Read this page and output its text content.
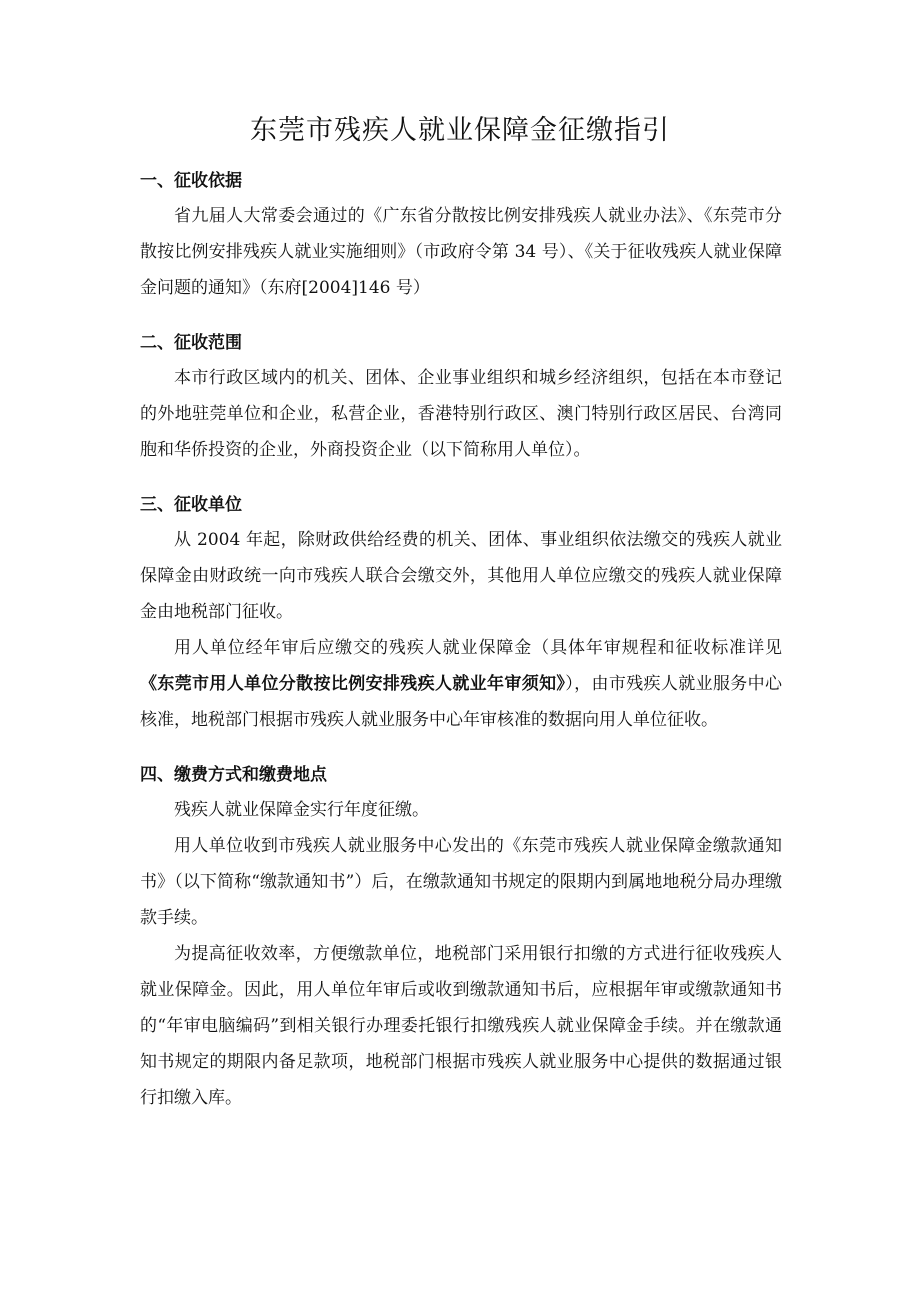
东莞市残疾人就业保障金征缴指引
一、征收依据

省九届人大常委会通过的《广东省分散按比例安排残疾人就业办法》、《东莞市分散按比例安排残疾人就业实施细则》（市政府令第 34 号）、《关于征收残疾人就业保障金问题的通知》（东府[2004]146 号）

二、征收范围

本市行政区域内的机关、团体、企业事业组织和城乡经济组织，包括在本市登记的外地驻莞单位和企业，私营企业，香港特别行政区、澳门特别行政区居民、台湾同胞和华侨投资的企业，外商投资企业（以下简称用人单位）。

三、征收单位

从 2004 年起，除财政供给经费的机关、团体、事业组织依法缴交的残疾人就业保障金由财政统一向市残疾人联合会缴交外，其他用人单位应缴交的残疾人就业保障金由地税部门征收。

用人单位经年审后应缴交的残疾人就业保障金（具体年审规程和征收标准详见《东莞市用人单位分散按比例安排残疾人就业年审须知》），由市残疾人就业服务中心核准，地税部门根据市残疾人就业服务中心年审核准的数据向用人单位征收。

四、缴费方式和缴费地点

残疾人就业保障金实行年度征缴。

用人单位收到市残疾人就业服务中心发出的《东莞市残疾人就业保障金缴款通知书》（以下简称“缴款通知书”）后，在缴款通知书规定的限期内到属地地税分局办理缴款手续。

为提高征收效率，方便缴款单位，地税部门采用银行扣缴的方式进行征收残疾人就业保障金。因此，用人单位年审后或收到缴款通知书后，应根据年审或缴款通知书的“年审电脑编码”到相关银行办理委托银行扣缴残疾人就业保障金手续。并在缴款通知书规定的期限内备足款项，地税部门根据市残疾人就业服务中心提供的数据通过银行扣缴入库。
